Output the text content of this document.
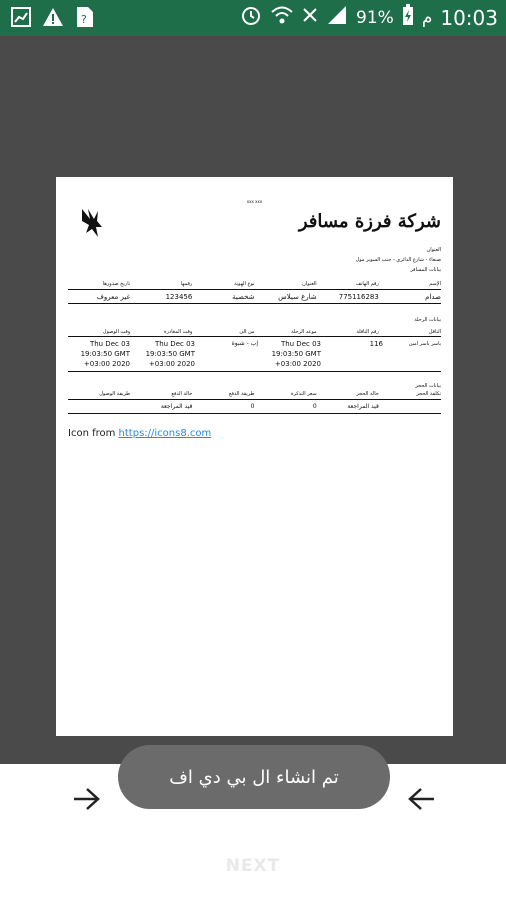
?	91% م 10:03
xxx xxx
شركة فرزة مسافر
العنوان
صنعاء - شارع الدائري - جنب السوبر مول
بيانات المسافر
الإسم
رقم الهاتف
العنوان
نوع الهوية
رقمها
تاريخ صدورها
صدام
775116283
شارع سيلاس
شخصية
123456
غير معروف
بيانات الرحلة
الناقل
رقم الناقلة
موعد الرحلة
من الى
وقت المغادرة
وقت الوصول
ياسر ياسر امين
116
Thu Dec 03 19:03:50 GMT +03:00 2020
إب - شبوة
Thu Dec 03 19:03:50 GMT +03:00 2020
Thu Dec 03 19:03:50 GMT +03:00 2020
بيانات الحجز
تكلفة الحجز
حالة الحجز
سعر التذكرة
طريقة الدفع
حالة الدفع
طريقة الوصول
قيد المراجعة
0
0
قيد المراجعة
Icon from https://icons8.com
تم انشاء ال بي دي اف
NEXT
